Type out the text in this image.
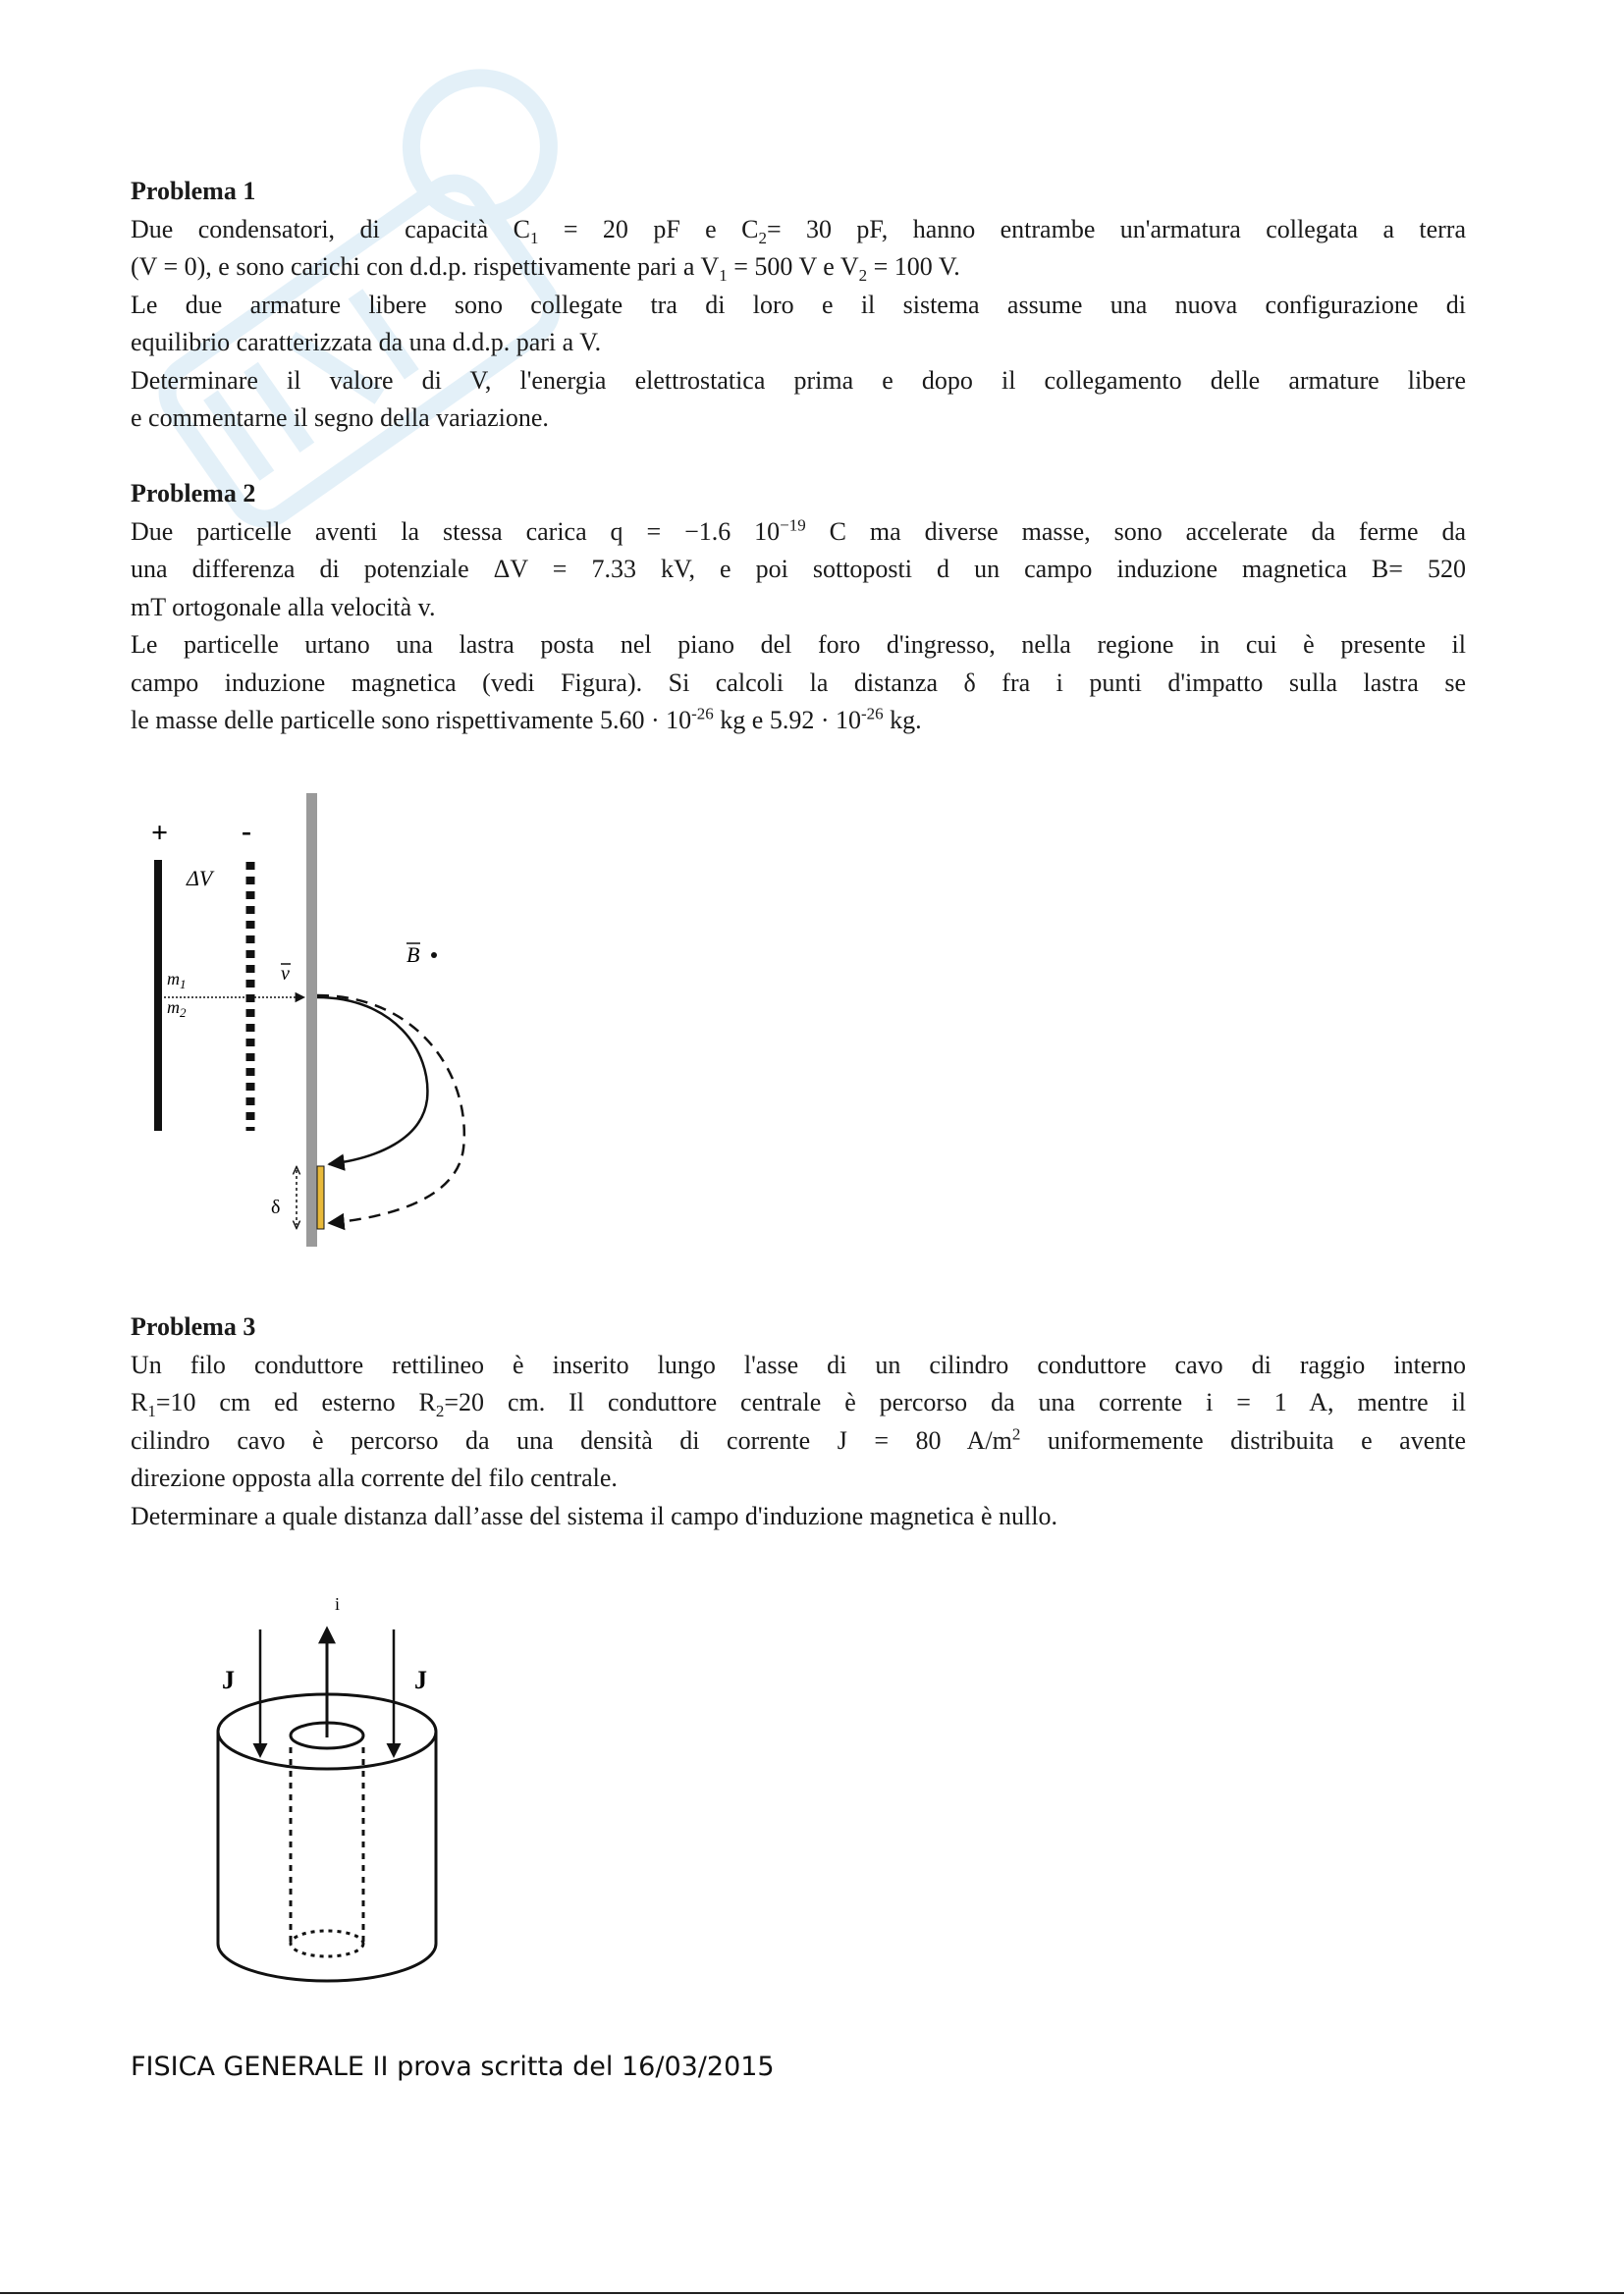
Problema 1
Due condensatori, di capacità $C_1 = 20$ pF e $C_2= 30$ pF, hanno entrambe un'armatura collegata a terra
(V = 0), e sono carichi con d.d.p. rispettivamente pari a $V_1 = 500$ V e $V_2 = 100$ V.
Le due armature libere sono collegate tra di loro e il sistema assume una nuova configurazione di
equilibrio caratterizzata da una d.d.p. pari a V.
Determinare il valore di V, l'energia elettrostatica prima e dopo il collegamento delle armature libere
e commentarne il segno della variazione.
Problema 2
Due particelle aventi la stessa carica q = −1.6 $10^{-19}$ C ma diverse masse, sono accelerate da ferme da
una differenza di potenziale ΔV = 7.33 kV, e poi sottoposti d un campo induzione magnetica B= 520
mT ortogonale alla velocità v.
Le particelle urtano una lastra posta nel piano del foro d'ingresso, nella regione in cui è presente il
campo induzione magnetica (vedi Figura). Si calcoli la distanza δ fra i punti d'impatto sulla lastra se
le masse delle particelle sono rispettivamente $5.60 \cdot 10^{-26}$ kg e $5.92 \cdot 10^{-26}$ kg.
+ -
ΔV
v
B
$m_1$
$m_2$
δ
Problema 3
Un filo conduttore rettilineo è inserito lungo l'asse di un cilindro conduttore cavo di raggio interno
$R_1=10$ cm ed esterno $R_2=20$ cm. Il conduttore centrale è percorso da una corrente i = 1 A, mentre il
cilindro cavo è percorso da una densità di corrente J = 80 $A/m^2$ uniformemente distribuita e avente
direzione opposta alla corrente del filo centrale.
Determinare a quale distanza dall’asse del sistema il campo d'induzione magnetica è nullo.
i
J	J
FISICA GENERALE II prova scritta del 16/03/2015
